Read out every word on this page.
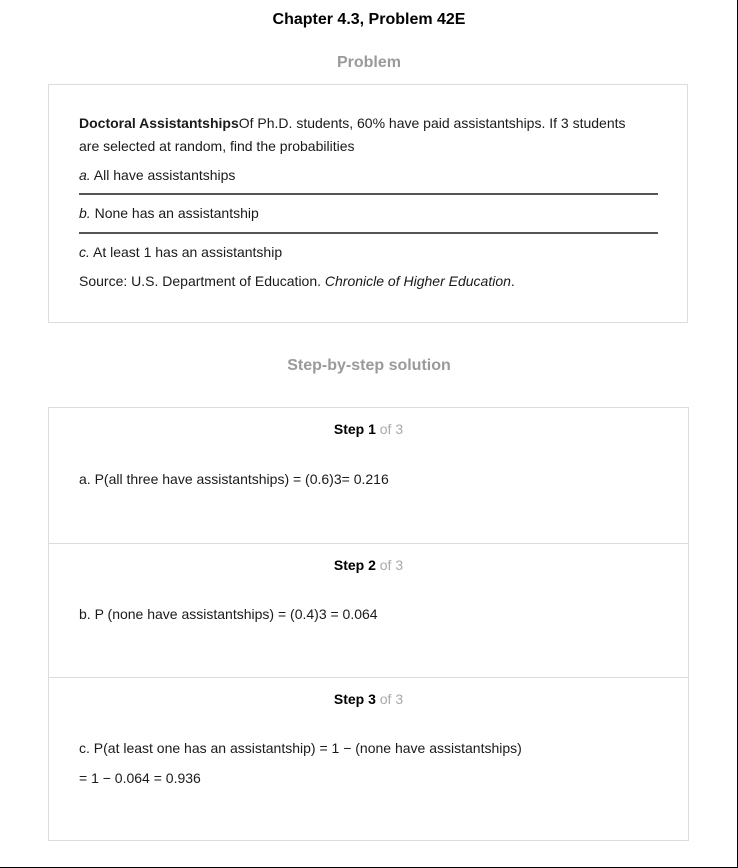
Chapter 4.3, Problem 42E
Problem
Doctoral AssistantshipsOf Ph.D. students, 60% have paid assistantships. If 3 students
are selected at random, find the probabilities
a. All have assistantships
b. None has an assistantship
c. At least 1 has an assistantship
Source: U.S. Department of Education. Chronicle of Higher Education.
Step-by-step solution
Step 1 of 3
a. P(all three have assistantships) = (0.6)3= 0.216
Step 2 of 3
b. P (none have assistantships) = (0.4)3 = 0.064
Step 3 of 3
c. P(at least one has an assistantship) = 1 − (none have assistantships)
= 1 − 0.064 = 0.936
